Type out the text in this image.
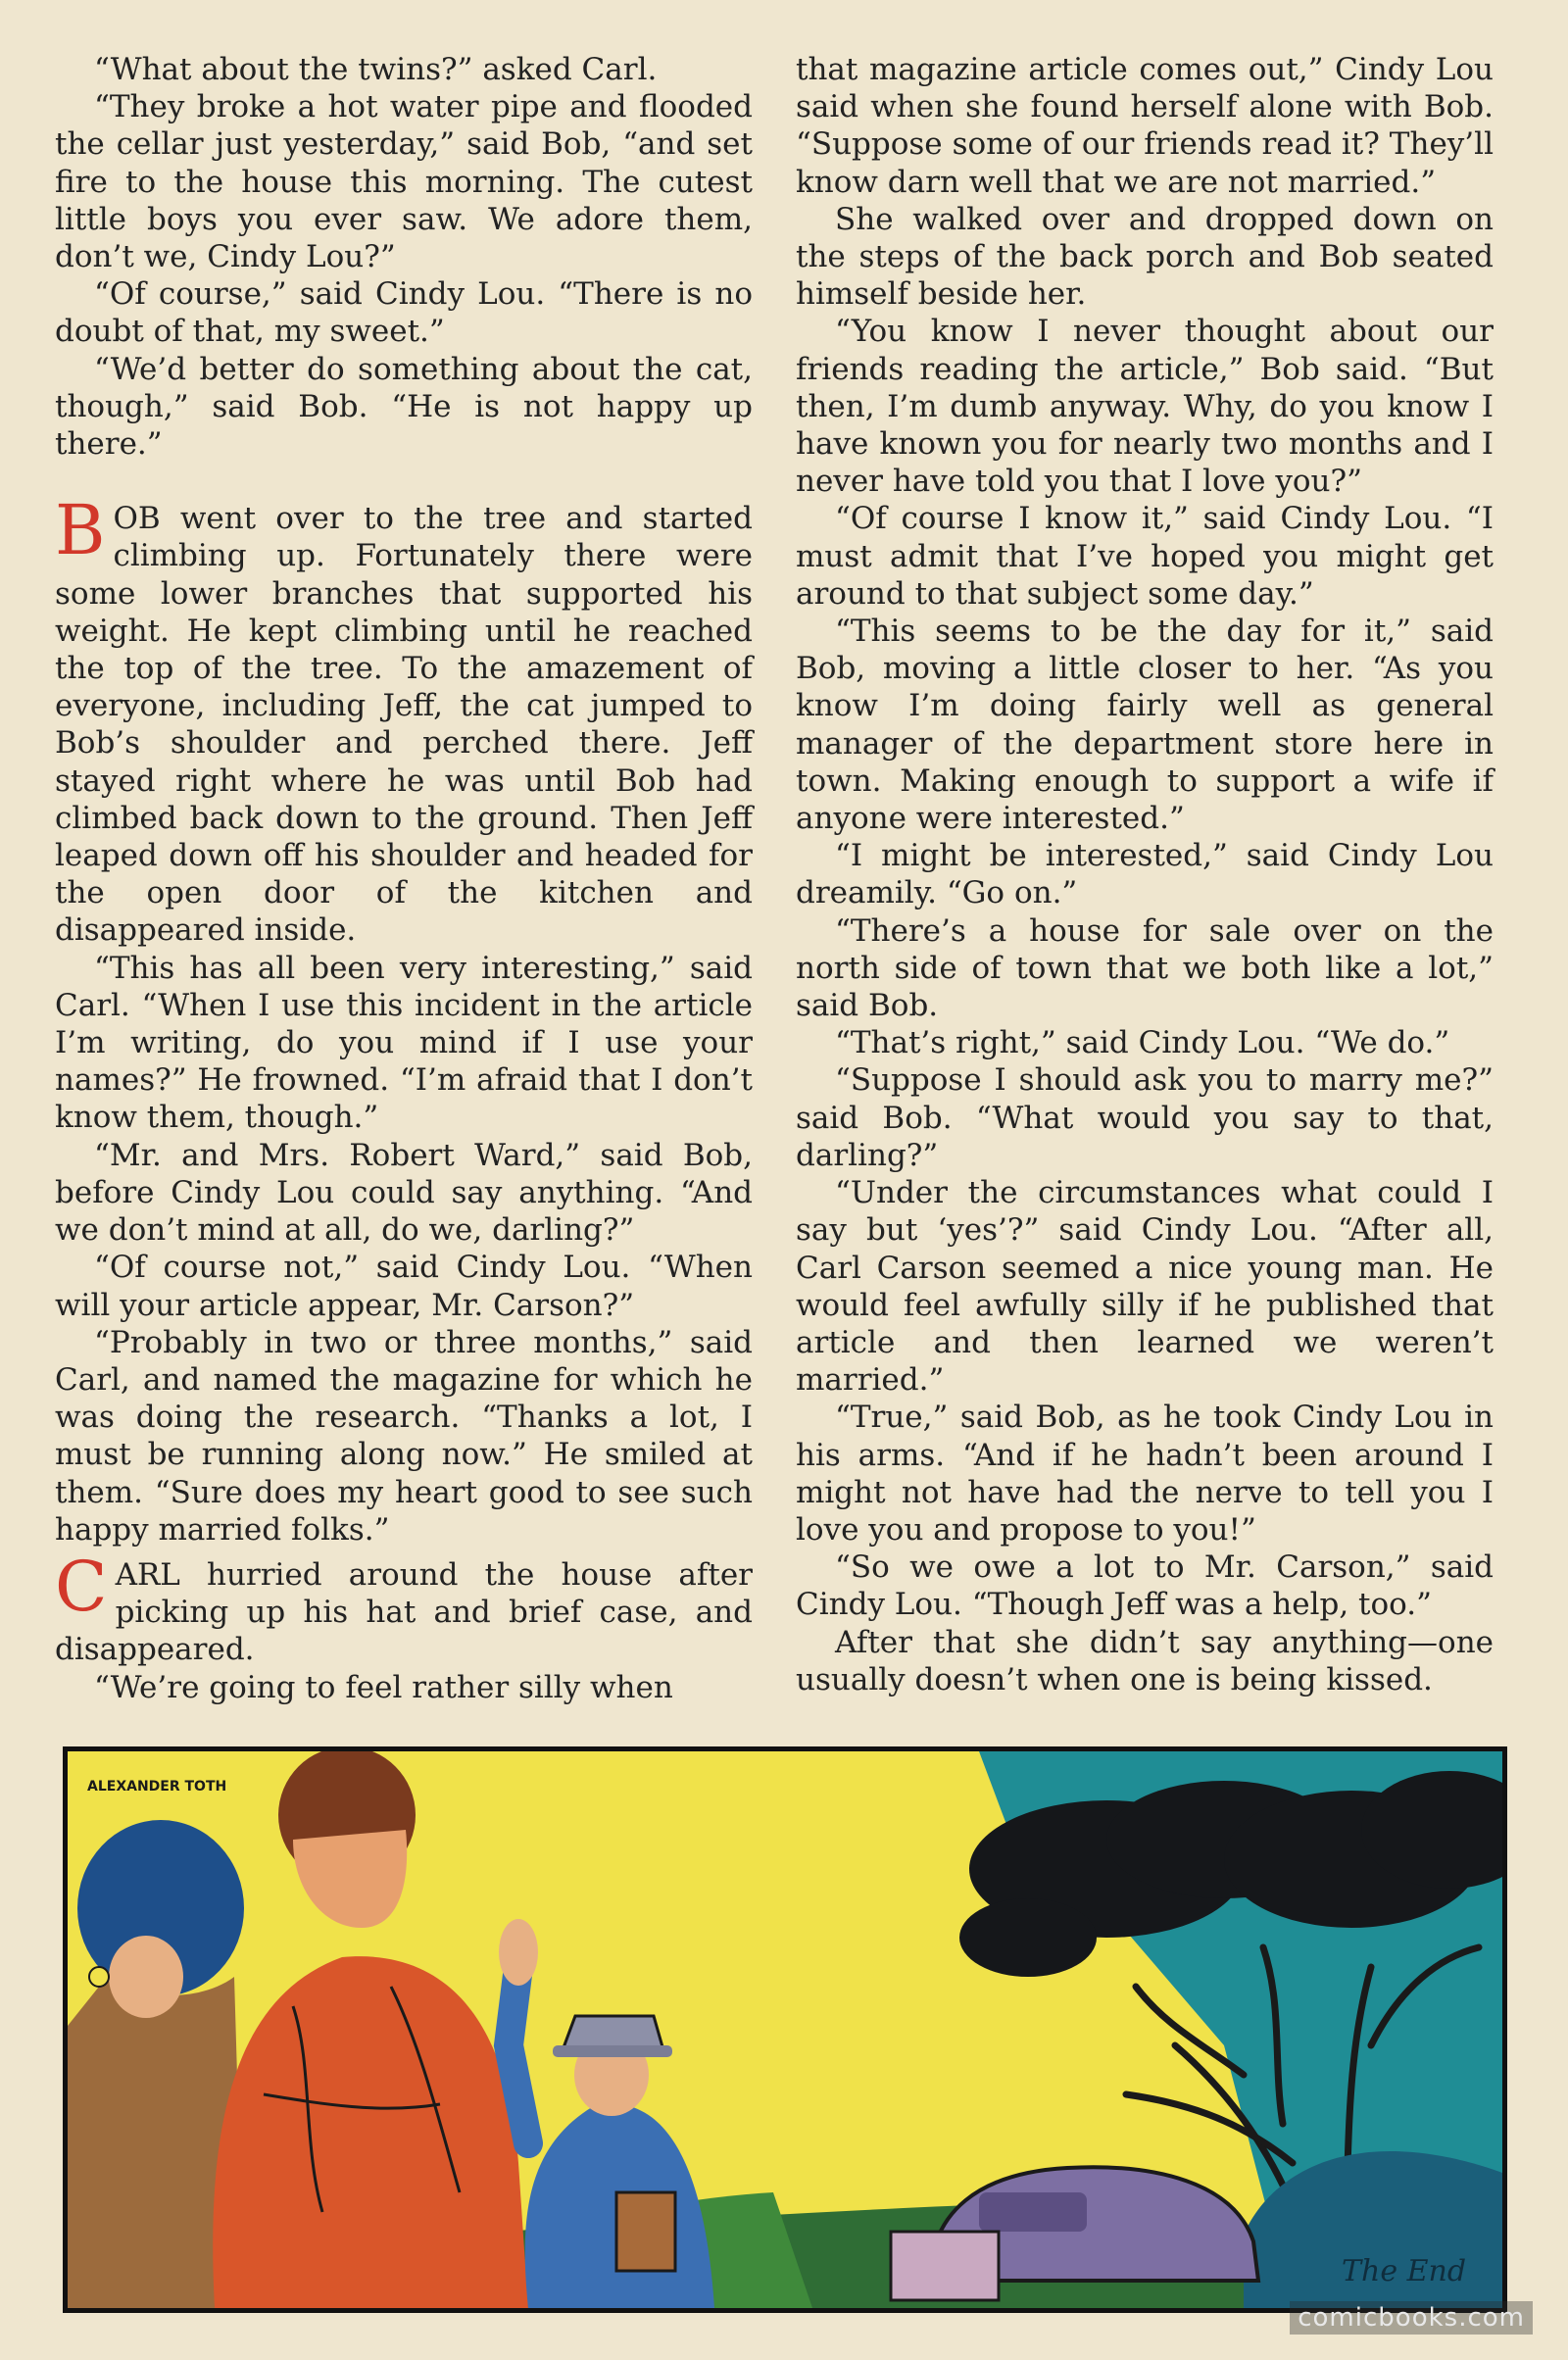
“What about the twins?” asked Carl.

“They broke a hot water pipe and flooded the cellar just yesterday,” said Bob, “and set fire to the house this morning. The cutest little boys you ever saw. We adore them, don’t we, Cindy Lou?”

“Of course,” said Cindy Lou. “There is no doubt of that, my sweet.”

“We’d better do something about the cat, though,” said Bob. “He is not happy up there.”

BOB went over to the tree and started climbing up. Fortunately there were some lower branches that supported his weight. He kept climbing until he reached the top of the tree. To the amazement of everyone, including Jeff, the cat jumped to Bob’s shoulder and perched there. Jeff stayed right where he was until Bob had climbed back down to the ground. Then Jeff leaped down off his shoulder and headed for the open door of the kitchen and disappeared inside.

“This has all been very interesting,” said Carl. “When I use this incident in the article I’m writing, do you mind if I use your names?” He frowned. “I’m afraid that I don’t know them, though.”

“Mr. and Mrs. Robert Ward,” said Bob, before Cindy Lou could say anything. “And we don’t mind at all, do we, darling?”

“Of course not,” said Cindy Lou. “When will your article appear, Mr. Carson?”

“Probably in two or three months,” said Carl, and named the magazine for which he was doing the research. “Thanks a lot, I must be running along now.” He smiled at them. “Sure does my heart good to see such happy married folks.”

CARL hurried around the house after picking up his hat and brief case, and disappeared.

“We’re going to feel rather silly when

that magazine article comes out,” Cindy Lou said when she found herself alone with Bob. “Suppose some of our friends read it? They’ll know darn well that we are not married.”

She walked over and dropped down on the steps of the back porch and Bob seated himself beside her.

“You know I never thought about our friends reading the article,” Bob said. “But then, I’m dumb anyway. Why, do you know I have known you for nearly two months and I never have told you that I love you?”

“Of course I know it,” said Cindy Lou. “I must admit that I’ve hoped you might get around to that subject some day.”

“This seems to be the day for it,” said Bob, moving a little closer to her. “As you know I’m doing fairly well as general manager of the department store here in town. Making enough to support a wife if anyone were interested.”

“I might be interested,” said Cindy Lou dreamily. “Go on.”

“There’s a house for sale over on the north side of town that we both like a lot,” said Bob.

“That’s right,” said Cindy Lou. “We do.”

“Suppose I should ask you to marry me?” said Bob. “What would you say to that, darling?”

“Under the circumstances what could I say but ‘yes’?” said Cindy Lou. “After all, Carl Carson seemed a nice young man. He would feel awfully silly if he published that article and then learned we weren’t married.”

“True,” said Bob, as he took Cindy Lou in his arms. “And if he hadn’t been around I might not have had the nerve to tell you I love you and propose to you!”

“So we owe a lot to Mr. Carson,” said Cindy Lou. “Though Jeff was a help, too.”

After that she didn’t say anything—one usually doesn’t when one is being kissed.

ALEXANDER TOTH
The End
comicbooks.com
